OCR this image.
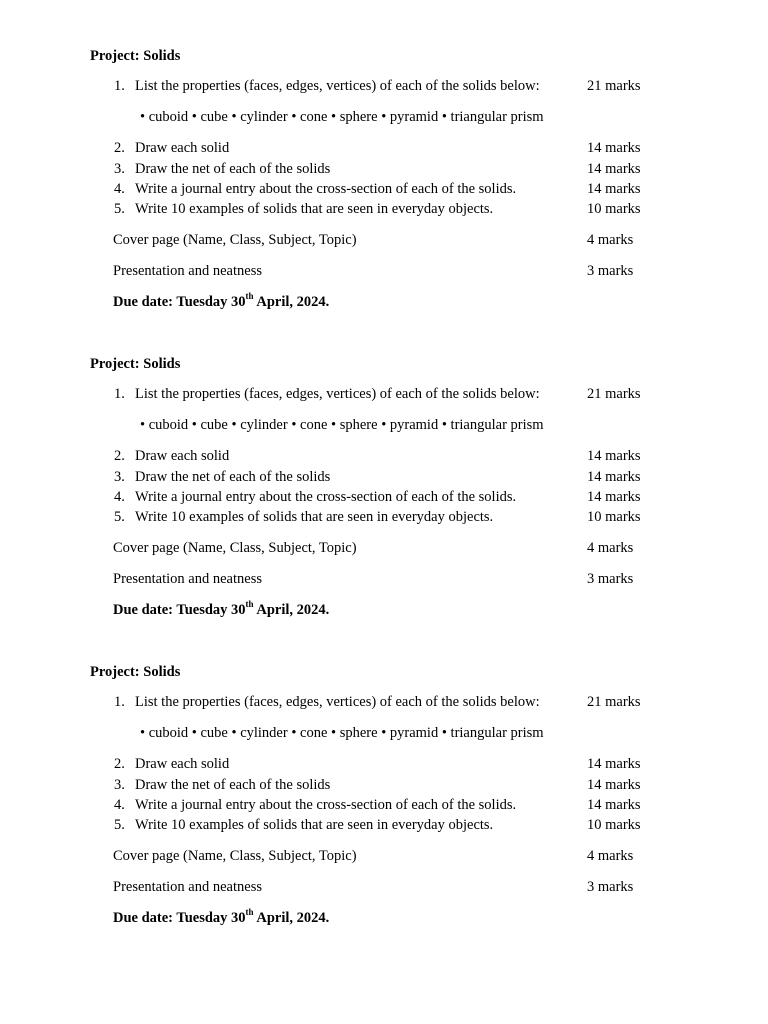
Project: Solids
1. List the properties (faces, edges, vertices) of each of the solids below:	21 marks
• cuboid • cube • cylinder • cone • sphere • pyramid • triangular prism
2. Draw each solid	14 marks
3. Draw the net of each of the solids	14 marks
4. Write a journal entry about the cross-section of each of the solids.	14 marks
5. Write 10 examples of solids that are seen in everyday objects.	10 marks
Cover page (Name, Class, Subject, Topic)	4 marks
Presentation and neatness	3 marks
Due date: Tuesday 30th April, 2024.
Project: Solids
1. List the properties (faces, edges, vertices) of each of the solids below:	21 marks
• cuboid • cube • cylinder • cone • sphere • pyramid • triangular prism
2. Draw each solid	14 marks
3. Draw the net of each of the solids	14 marks
4. Write a journal entry about the cross-section of each of the solids.	14 marks
5. Write 10 examples of solids that are seen in everyday objects.	10 marks
Cover page (Name, Class, Subject, Topic)	4 marks
Presentation and neatness	3 marks
Due date: Tuesday 30th April, 2024.
Project: Solids
1. List the properties (faces, edges, vertices) of each of the solids below:	21 marks
• cuboid • cube • cylinder • cone • sphere • pyramid • triangular prism
2. Draw each solid	14 marks
3. Draw the net of each of the solids	14 marks
4. Write a journal entry about the cross-section of each of the solids.	14 marks
5. Write 10 examples of solids that are seen in everyday objects.	10 marks
Cover page (Name, Class, Subject, Topic)	4 marks
Presentation and neatness	3 marks
Due date: Tuesday 30th April, 2024.
